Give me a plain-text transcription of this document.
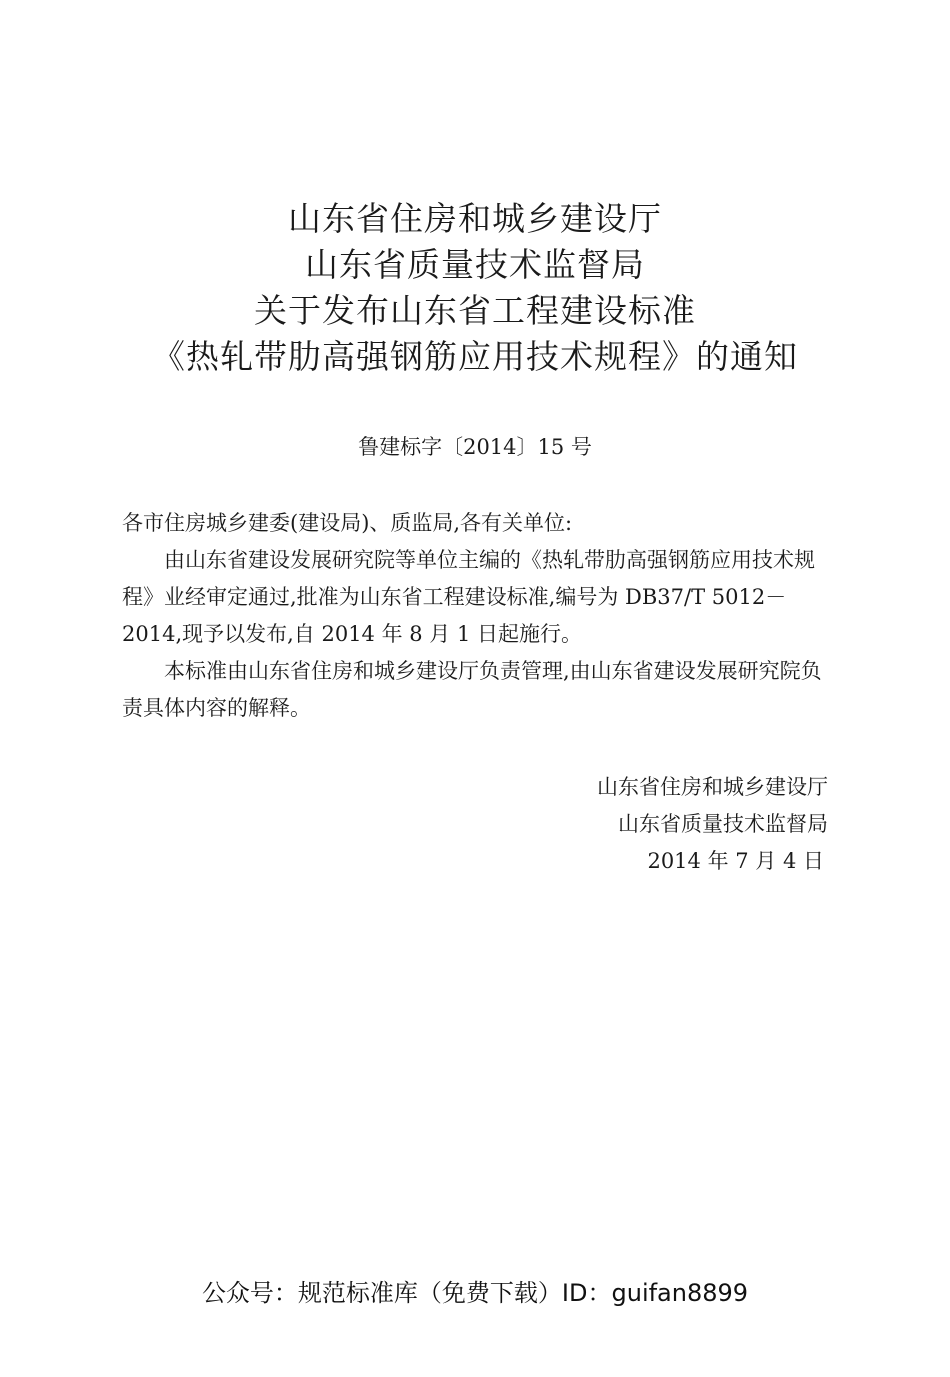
山东省住房和城乡建设厅
山东省质量技术监督局
关于发布山东省工程建设标准
《热轧带肋高强钢筋应用技术规程》的通知
鲁建标字〔2014〕15 号

各市住房城乡建委(建设局)、质监局,各有关单位:

由山东省建设发展研究院等单位主编的《热轧带肋高强钢筋应用技术规程》业经审定通过,批准为山东省工程建设标准,编号为 DB37/T 5012－2014,现予以发布,自 2014 年 8 月 1 日起施行。

本标准由山东省住房和城乡建设厅负责管理,由山东省建设发展研究院负责具体内容的解释。

山东省住房和城乡建设厅
山东省质量技术监督局
2014 年 7 月 4 日
公众号：规范标准库（免费下载）ID：guifan8899
